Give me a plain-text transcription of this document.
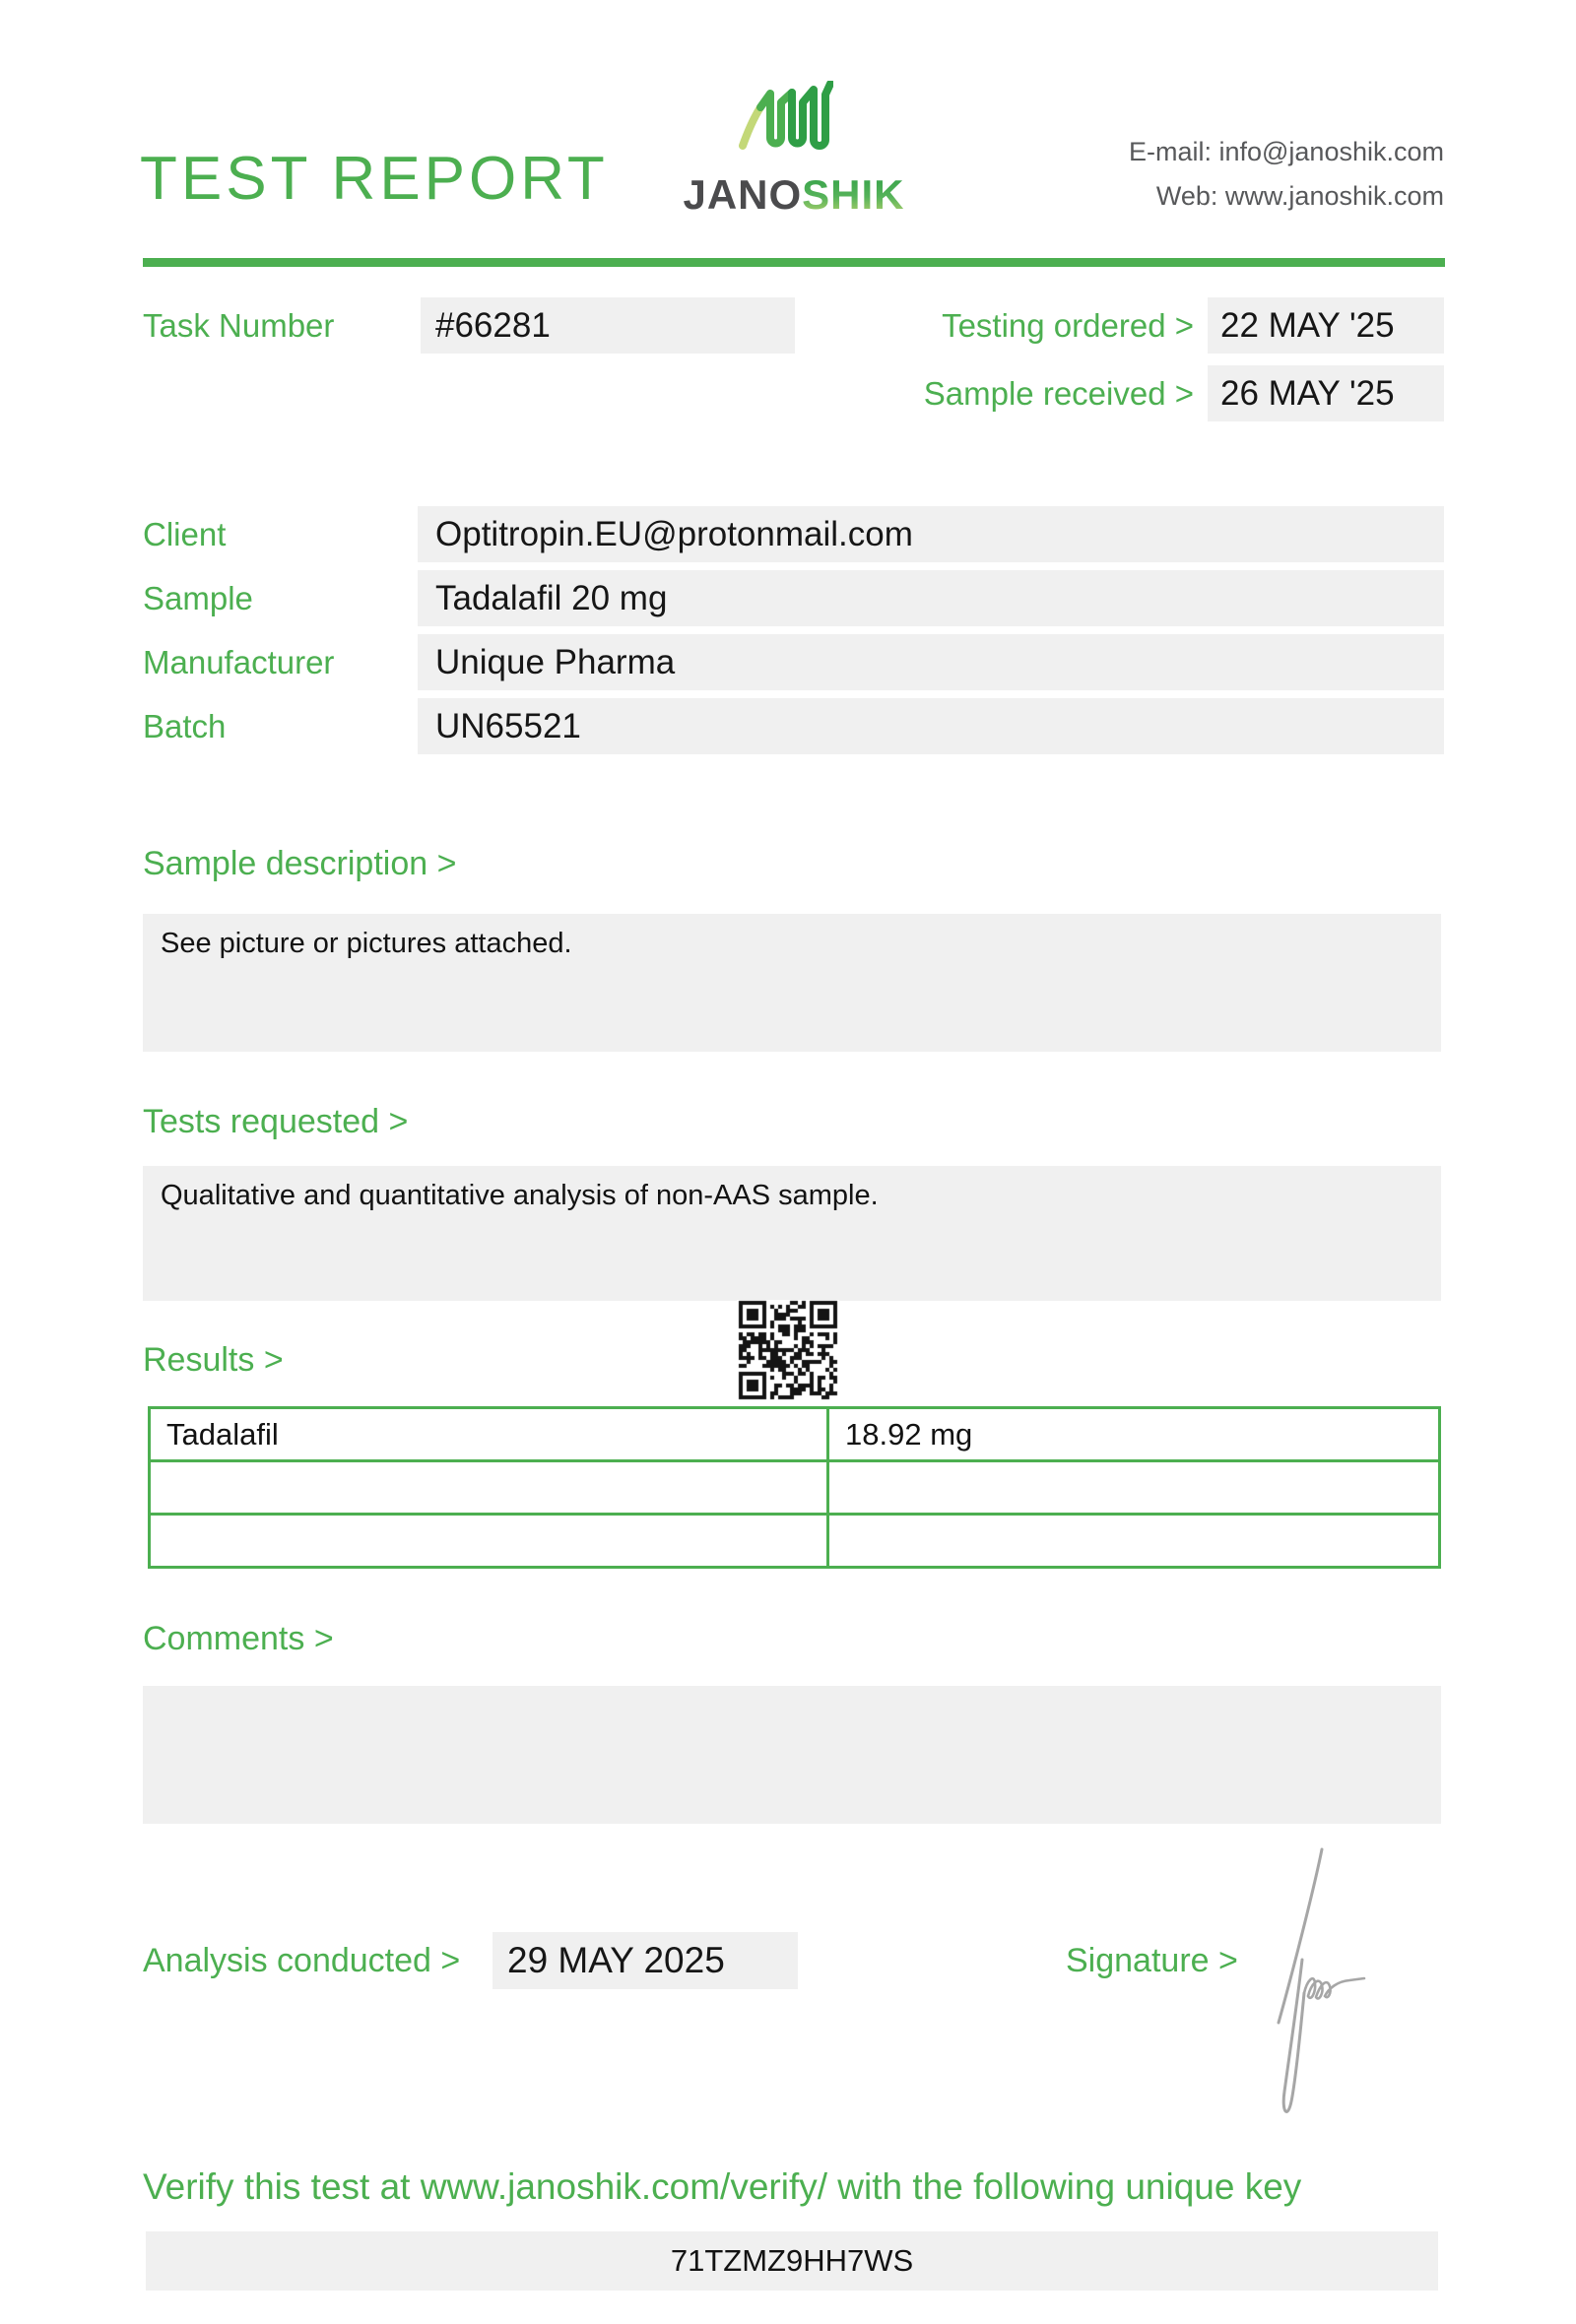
TEST REPORT JANOSHIK
E-mail: info@janoshik.com
Web: www.janoshik.com
Task Number	#66281	Testing ordered > 22 MAY '25
Sample received > 26 MAY '25
Client	Optitropin.EU@protonmail.com
Sample	Tadalafil 20 mg
Manufacturer	Unique Pharma
Batch	UN65521
Sample description >
See picture or pictures attached.
Tests requested >
Qualitative and quantitative analysis of non-AAS sample.
Results >
Tadalafil	18.92 mg

Comments >
Analysis conducted >	29 MAY 2025	Signature >
Verify this test at www.janoshik.com/verify/ with the following unique key
71TZMZ9HH7WS
